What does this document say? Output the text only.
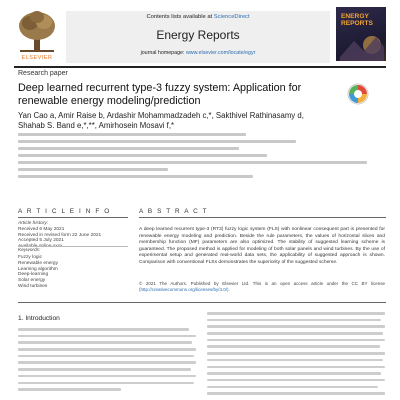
ELSEVIER
Contents lists available at ScienceDirect
Energy Reports
journal homepage: www.elsevier.com/locate/egyr
ENERGY REPORTS
Research paper
Deep learned recurrent type-3 fuzzy system: Application for renewable energy modeling/prediction
Yan Cao a, Amir Raise b, Ardashir Mohammadzadeh c,*, Sakthivel Rathinasamy d,
Shahab S. Band e,*,**, Amirhosein Mosavi f,*
A R T I C L E I N F O	A B S T R A C T
Article history:
Received 6 May 2021
Received in revised form 22 June 2021
Accepted 5 July 2021
Keywords:
Fuzzy logic
Renewable energy
Learning algorithm
Deep-learning
Solar energy
Wind turbines
A deep learned recurrent type-3 (RT3) fuzzy logic system (FLS) with nonlinear consequent part is presented for renewable energy modeling and prediction. Beside the rule parameters, the values of horizontal slices and membership function (MF) parameters are also optimized. The stability of suggested learning scheme is guaranteed. The proposed method is applied for modeling of both solar panels and wind turbines. By the use of experimental setup and generated real-world data sets, the applicability of suggested approach is shown. Comparison with conventional FLSs demonstrates the superiority of the suggested scheme.
© 2021 The Authors. Published by Elsevier Ltd. This is an open access article under the CC BY license (http://creativecommons.org/licenses/by/4.0/).
1. Introduction
